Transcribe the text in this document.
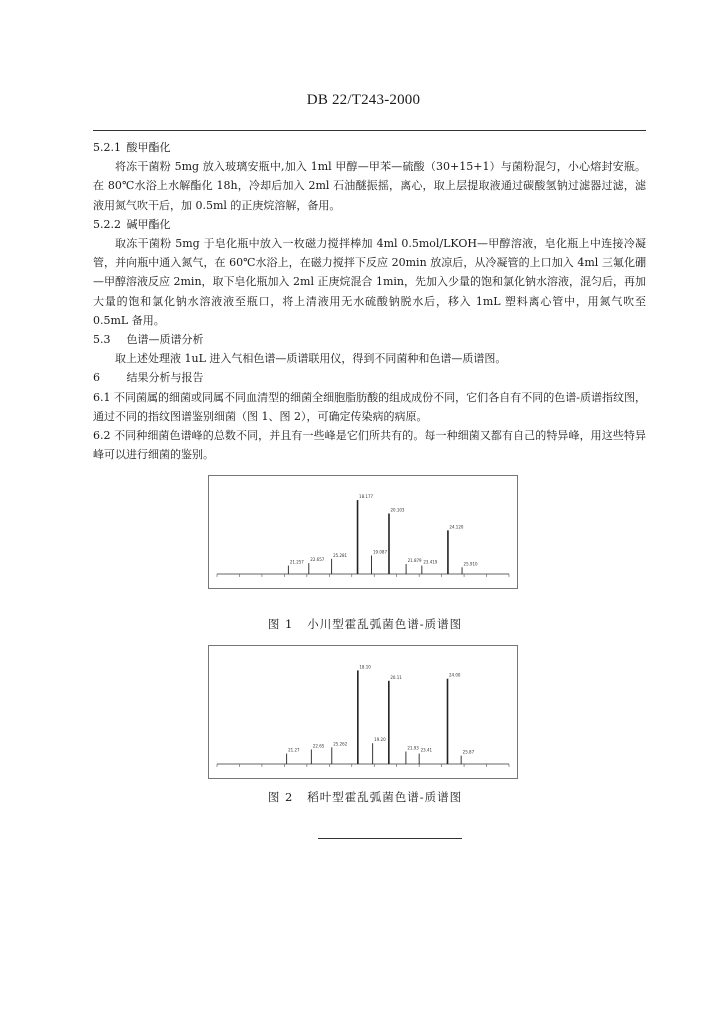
DB 22/T243-2000

5.2.1 酸甲酯化

将冻干菌粉 5mg 放入玻璃安瓶中,加入 1ml 甲醇—甲苯—硫酸（30+15+1）与菌粉混匀，小心熔封安瓶。在 80℃水浴上水解酯化 18h，冷却后加入 2ml 石油醚振摇，离心，取上层提取液通过碳酸氢钠过滤器过滤，滤液用氮气吹干后，加 0.5ml 的正庚烷溶解，备用。

5.2.2 碱甲酯化

取冻干菌粉 5mg 于皂化瓶中放入一枚磁力搅拌棒加 4ml 0.5mol/LKOH—甲醇溶液，皂化瓶上中连接冷凝管，并向瓶中通入氮气，在 60℃水浴上，在磁力搅拌下反应 20min 放凉后，从冷凝管的上口加入 4ml 三氟化硼—甲醇溶液反应 2min，取下皂化瓶加入 2ml 正庚烷混合 1min，先加入少量的饱和氯化钠水溶液，混匀后，再加大量的饱和氯化钠水溶液液至瓶口，将上清液用无水硫酸钠脱水后，移入 1mL 塑料离心管中，用氮气吹至 0.5mL 备用。

5.3 色谱—质谱分析

取上述处理液 1uL 进入气相色谱—质谱联用仪，得到不同菌种和色谱—质谱图。

6 结果分析与报告

6.1 不同菌属的细菌或同属不同血清型的细菌全细胞脂肪酸的组成成份不同，它们各自有不同的色谱-质谱指纹图，通过不同的指纹图谱鉴别细菌（图 1、图 2），可确定传染病的病原。

6.2 不同种细菌色谱峰的总数不同，并且有一些峰是它们所共有的。每一种细菌又都有自己的特异峰，用这些特异峰可以进行细菌的鉴别。

21.257
22.657
25.281
18.177
19.087
20.103
21.879 23.419
24.120
25.910
图 1 小川型霍乱弧菌色谱-质谱图
21.27
22.65 25.262
18.10
19.20
20.11
21.93 23.41
24.00
25.87
图 2 稻叶型霍乱弧菌色谱-质谱图
